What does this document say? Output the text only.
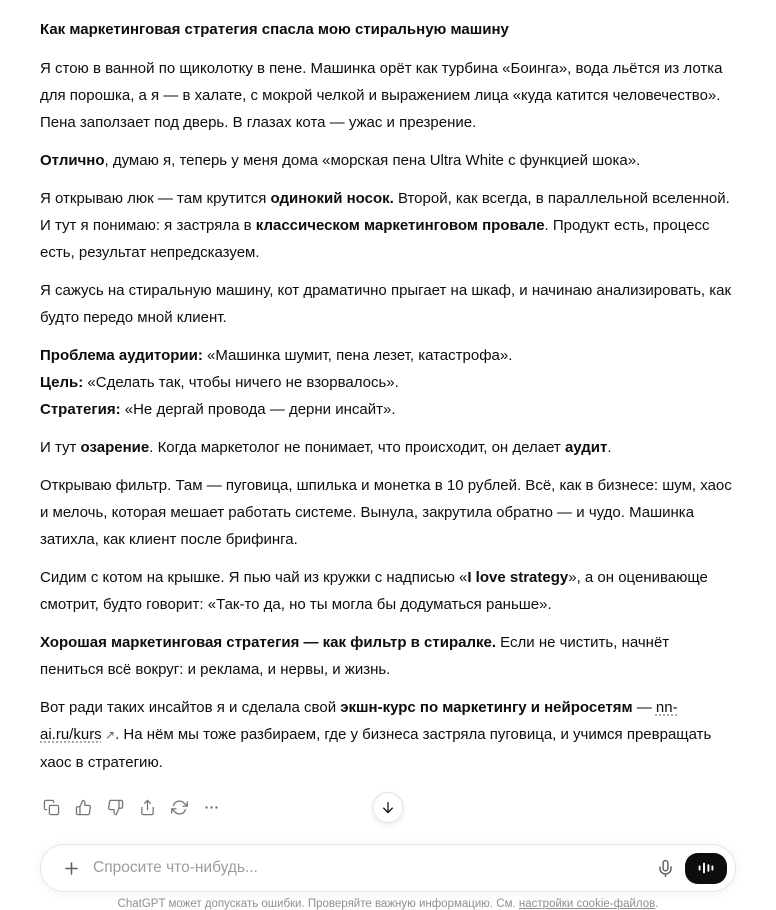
Как маркетинговая стратегия спасла мою стиральную машину

Я стою в ванной по щиколотку в пене. Машинка орёт как турбина «Боинга», вода льётся из лотка для порошка, а я — в халате, с мокрой челкой и выражением лица «куда катится человечество». Пена заползает под дверь. В глазах кота — ужас и презрение.

Отлично, думаю я, теперь у меня дома «морская пена Ultra White с функцией шока».

Я открываю люк — там крутится одинокий носок. Второй, как всегда, в параллельной вселенной. И тут я понимаю: я застряла в классическом маркетинговом провале. Продукт есть, процесс есть, результат непредсказуем.

Я сажусь на стиральную машину, кот драматично прыгает на шкаф, и начинаю анализировать, как будто передо мной клиент.

Проблема аудитории: «Машинка шумит, пена лезет, катастрофа».
Цель: «Сделать так, чтобы ничего не взорвалось».
Стратегия: «Не дергай провода — дерни инсайт».

И тут озарение. Когда маркетолог не понимает, что происходит, он делает аудит.

Открываю фильтр. Там — пуговица, шпилька и монетка в 10 рублей. Всё, как в бизнесе: шум, хаос и мелочь, которая мешает работать системе. Вынула, закрутила обратно — и чудо. Машинка затихла, как клиент после брифинга.

Сидим с котом на крышке. Я пью чай из кружки с надписью «I love strategy», а он оценивающе смотрит, будто говорит: «Так-то да, но ты могла бы додуматься раньше».

Хорошая маркетинговая стратегия — как фильтр в стиралке. Если не чистить, начнёт пениться всё вокруг: и реклама, и нервы, и жизнь.

Вот ради таких инсайтов я и сделала свой экшн-курс по маркетингу и нейросетям — nn-ai.ru/kurs ↗. На нём мы тоже разбираем, где у бизнеса застряла пуговица, и учимся превращать хаос в стратегию.

Спросите что-нибудь...
ChatGPT может допускать ошибки. Проверяйте важную информацию. См. настройки cookie-файлов.
